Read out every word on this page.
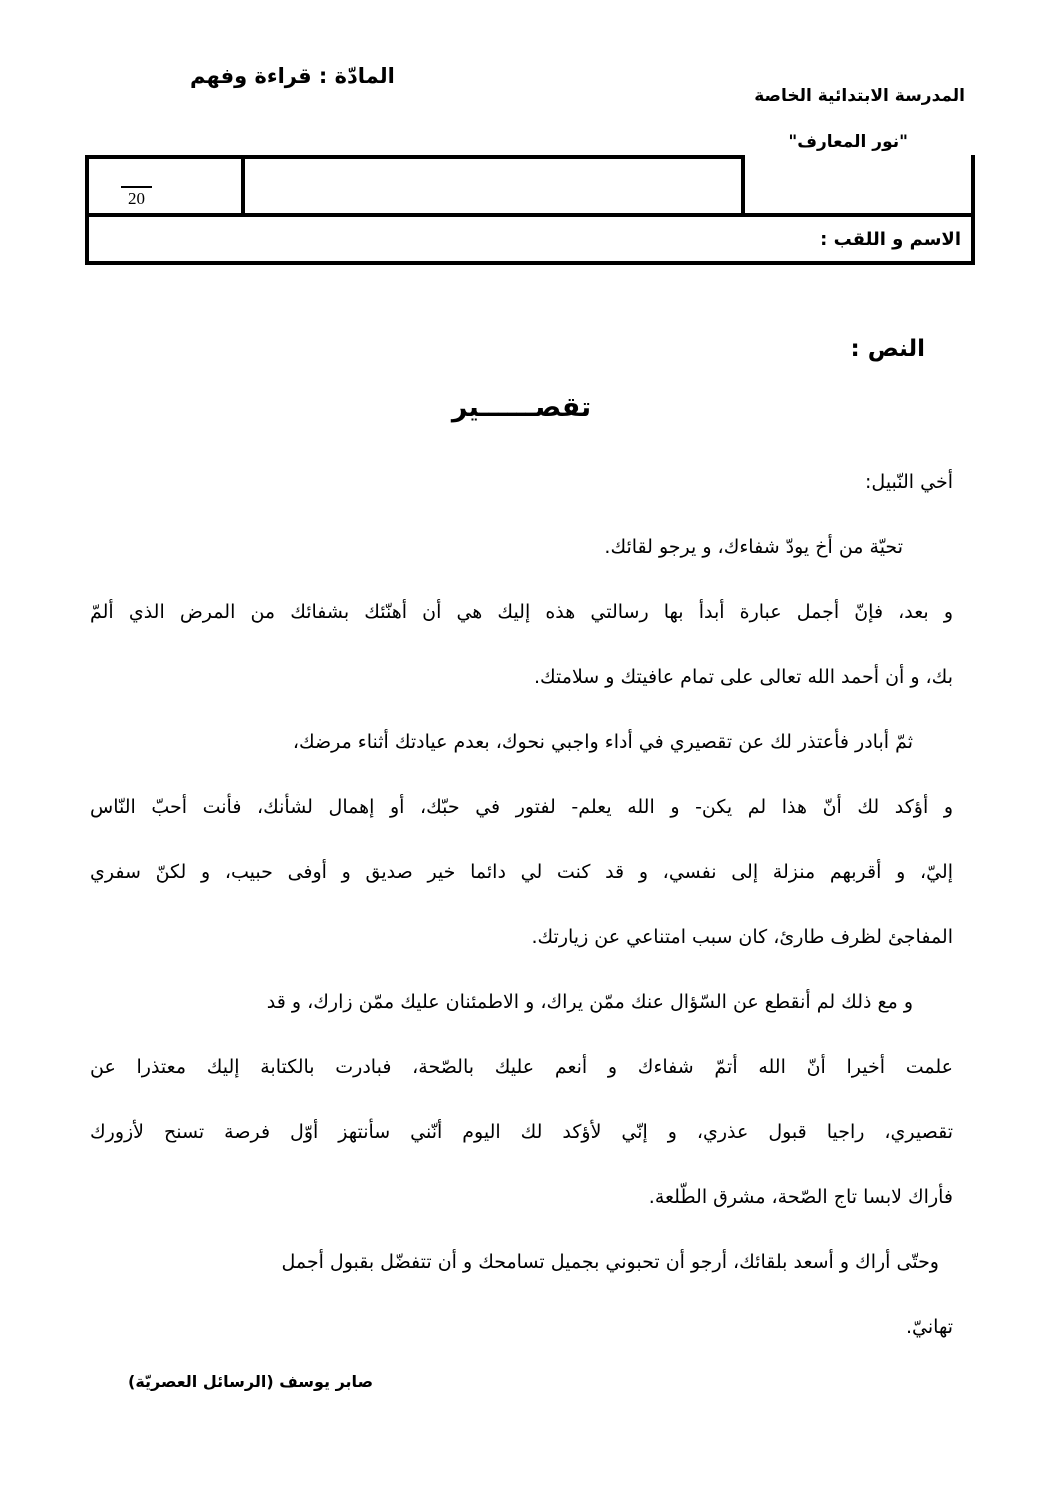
المادّة : قراءة وفهم
المدرسة الابتدائية الخاصة
"نور المعارف"
20
الاسم و اللقب :
النص :
تقصــــــير
أخي النّبيل:
تحيّة من أخ يودّ شفاءك، و يرجو لقائك.
و بعد، فإنّ أجمل عبارة أبدأ بها رسالتي هذه إليك هي أن أهنّئك بشفائك من المرض الذي ألمّ
بك، و أن أحمد الله تعالى على تمام عافيتك و سلامتك.
ثمّ أبادر فأعتذر لك عن تقصيري في أداء واجبي نحوك، بعدم عيادتك أثناء مرضك،
و أؤكد لك أنّ هذا لم يكن- و الله يعلم- لفتور في حبّك، أو إهمال لشأنك، فأنت أحبّ النّاس
إليّ، و أقربهم منزلة إلى نفسي، و قد كنت لي دائما خير صديق و أوفى حبيب، و لكنّ سفري
المفاجئ لظرف طارئ، كان سبب امتناعي عن زيارتك.
و مع ذلك لم أنقطع عن السّؤال عنك ممّن يراك، و الاطمئنان عليك ممّن زارك، و قد
علمت أخيرا أنّ الله أتمّ شفاءك و أنعم عليك بالصّحة، فبادرت بالكتابة إليك معتذرا عن
تقصيري، راجيا قبول عذري، و إنّي لأؤكد لك اليوم أنّني سأنتهز أوّل فرصة تسنح لأزورك
فأراك لابسا تاج الصّحة، مشرق الطّلعة.
وحتّى أراك و أسعد بلقائك، أرجو أن تحبوني بجميل تسامحك و أن تتفضّل بقبول أجمل
تهانيّ.
صابر يوسف (الرسائل العصريّة)
